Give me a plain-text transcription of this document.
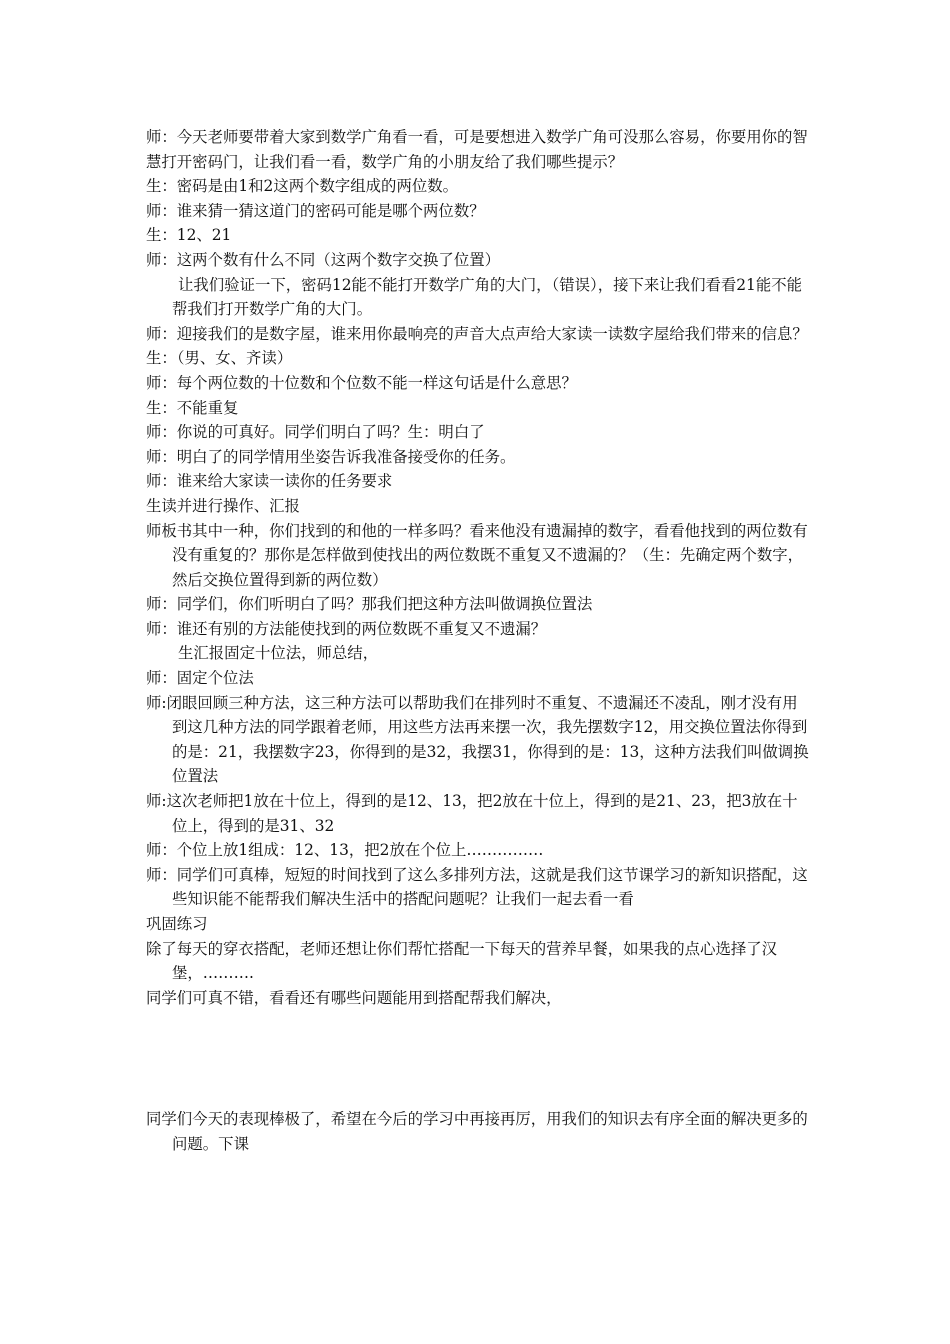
师：今天老师要带着大家到数学广角看一看，可是要想进入数学广角可没那么容易，你要用你的智慧打开密码门，让我们看一看，数学广角的小朋友给了我们哪些提示？

生：密码是由1和2这两个数字组成的两位数。

师：谁来猜一猜这道门的密码可能是哪个两位数？

生：12、21

师：这两个数有什么不同（这两个数字交换了位置）

让我们验证一下，密码12能不能打开数学广角的大门，（错误），接下来让我们看看21能不能帮我们打开数学广角的大门。

师：迎接我们的是数字屋，谁来用你最响亮的声音大点声给大家读一读数字屋给我们带来的信息？

生：（男、女、齐读）

师：每个两位数的十位数和个位数不能一样这句话是什么意思？

生：不能重复

师：你说的可真好。同学们明白了吗？生：明白了

师：明白了的同学情用坐姿告诉我准备接受你的任务。

师：谁来给大家读一读你的任务要求

生读并进行操作、汇报

师板书其中一种，你们找到的和他的一样多吗？看来他没有遗漏掉的数字，看看他找到的两位数有没有重复的？那你是怎样做到使找出的两位数既不重复又不遗漏的？（生：先确定两个数字，然后交换位置得到新的两位数）

师：同学们，你们听明白了吗？那我们把这种方法叫做调换位置法

师：谁还有别的方法能使找到的两位数既不重复又不遗漏？

生汇报固定十位法，师总结，

师：固定个位法

师:闭眼回顾三种方法，这三种方法可以帮助我们在排列时不重复、不遗漏还不凌乱，刚才没有用到这几种方法的同学跟着老师，用这些方法再来摆一次，我先摆数字12，用交换位置法你得到的是：21，我摆数字23，你得到的是32，我摆31，你得到的是：13，这种方法我们叫做调换位置法

师:这次老师把1放在十位上，得到的是12、13，把2放在十位上，得到的是21、23，把3放在十位上，得到的是31、32

师：个位上放1组成：12、13，把2放在个位上……………

师：同学们可真棒，短短的时间找到了这么多排列方法，这就是我们这节课学习的新知识搭配，这些知识能不能帮我们解决生活中的搭配问题呢？让我们一起去看一看

巩固练习

除了每天的穿衣搭配，老师还想让你们帮忙搭配一下每天的营养早餐，如果我的点心选择了汉堡，……….

同学们可真不错，看看还有哪些问题能用到搭配帮我们解决，

同学们今天的表现棒极了，希望在今后的学习中再接再厉，用我们的知识去有序全面的解决更多的问题。下课
